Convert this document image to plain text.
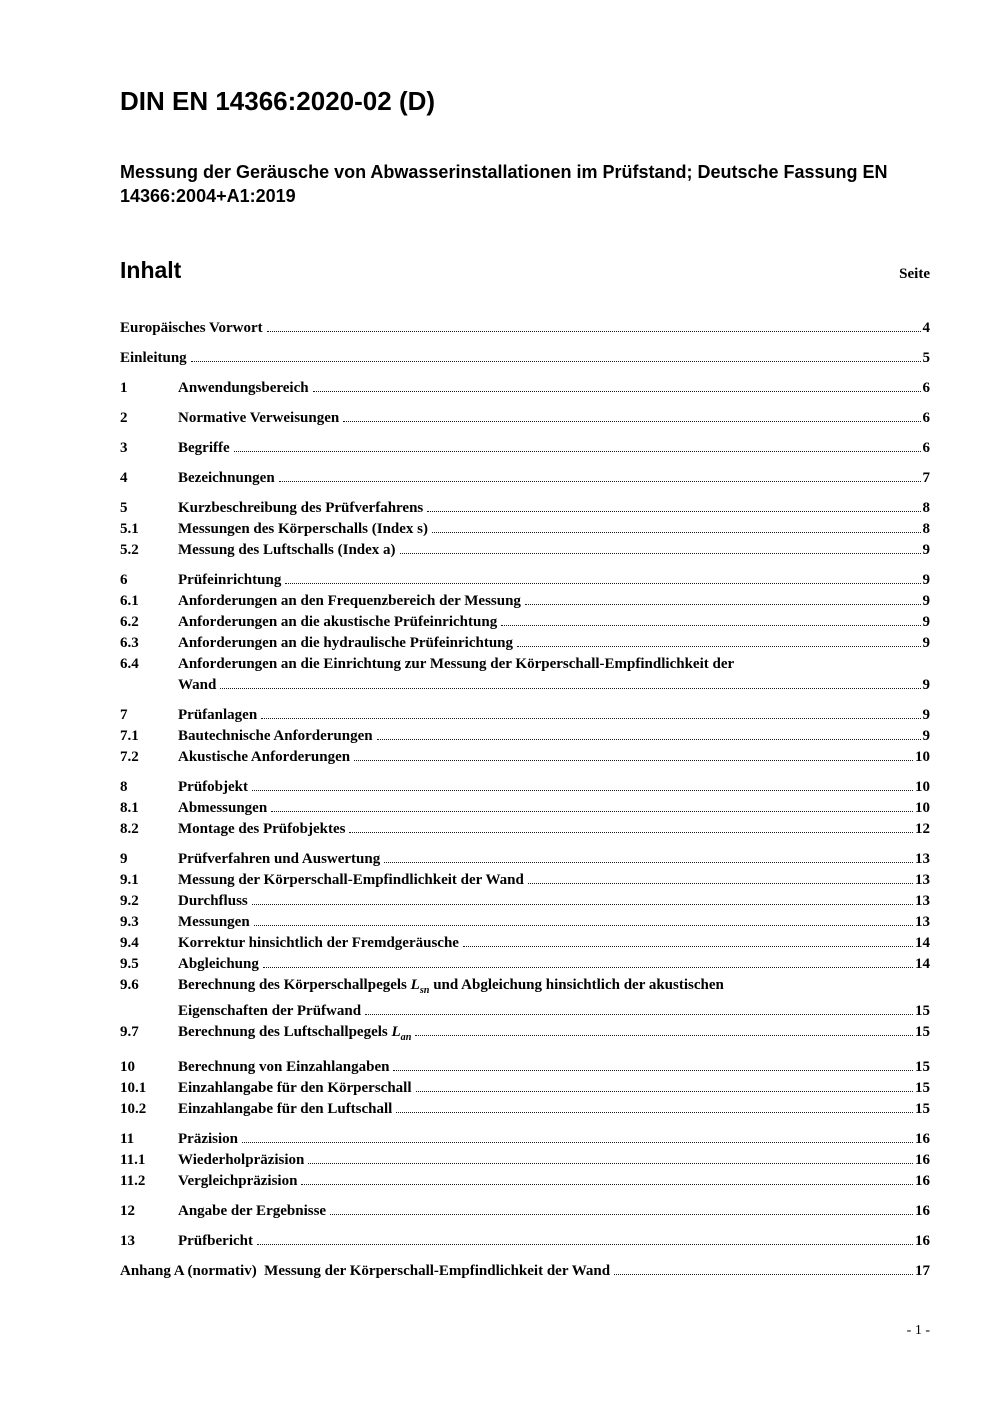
DIN EN 14366:2020-02 (D)
Messung der Geräusche von Abwasserinstallationen im Prüfstand; Deutsche Fassung EN 14366:2004+A1:2019
Inhalt	Seite
Europäisches Vorwort	4
Einleitung	5
1	Anwendungsbereich	6
2	Normative Verweisungen	6
3	Begriffe	6
4	Bezeichnungen	7
5	Kurzbeschreibung des Prüfverfahrens	8
5.1	Messungen des Körperschalls (Index s)	8
5.2	Messung des Luftschalls (Index a)	9
6	Prüfeinrichtung	9
6.1	Anforderungen an den Frequenzbereich der Messung	9
6.2	Anforderungen an die akustische Prüfeinrichtung	9
6.3	Anforderungen an die hydraulische Prüfeinrichtung	9
6.4	Anforderungen an die Einrichtung zur Messung der Körperschall-Empfindlichkeit der
Wand	9
7	Prüfanlagen	9
7.1	Bautechnische Anforderungen	9
7.2	Akustische Anforderungen	10
8	Prüfobjekt	10
8.1	Abmessungen	10
8.2	Montage des Prüfobjektes	12
9	Prüfverfahren und Auswertung	13
9.1	Messung der Körperschall-Empfindlichkeit der Wand	13
9.2	Durchfluss	13
9.3	Messungen	13
9.4	Korrektur hinsichtlich der Fremdgeräusche	14
9.5	Abgleichung	14
9.6	Berechnung des Körperschallpegels $L_{sn}$ und Abgleichung hinsichtlich der akustischen
Eigenschaften der Prüfwand	15
9.7	Berechnung des Luftschallpegels $L_{an}$	15
10	Berechnung von Einzahlangaben	15
10.1	Einzahlangabe für den Körperschall	15
10.2	Einzahlangabe für den Luftschall	15
11	Präzision	16
11.1	Wiederholpräzision	16
11.2	Vergleichpräzision	16
12	Angabe der Ergebnisse	16
13	Prüfbericht	16
Anhang A (normativ)  Messung der Körperschall-Empfindlichkeit der Wand	17
- 1 -
